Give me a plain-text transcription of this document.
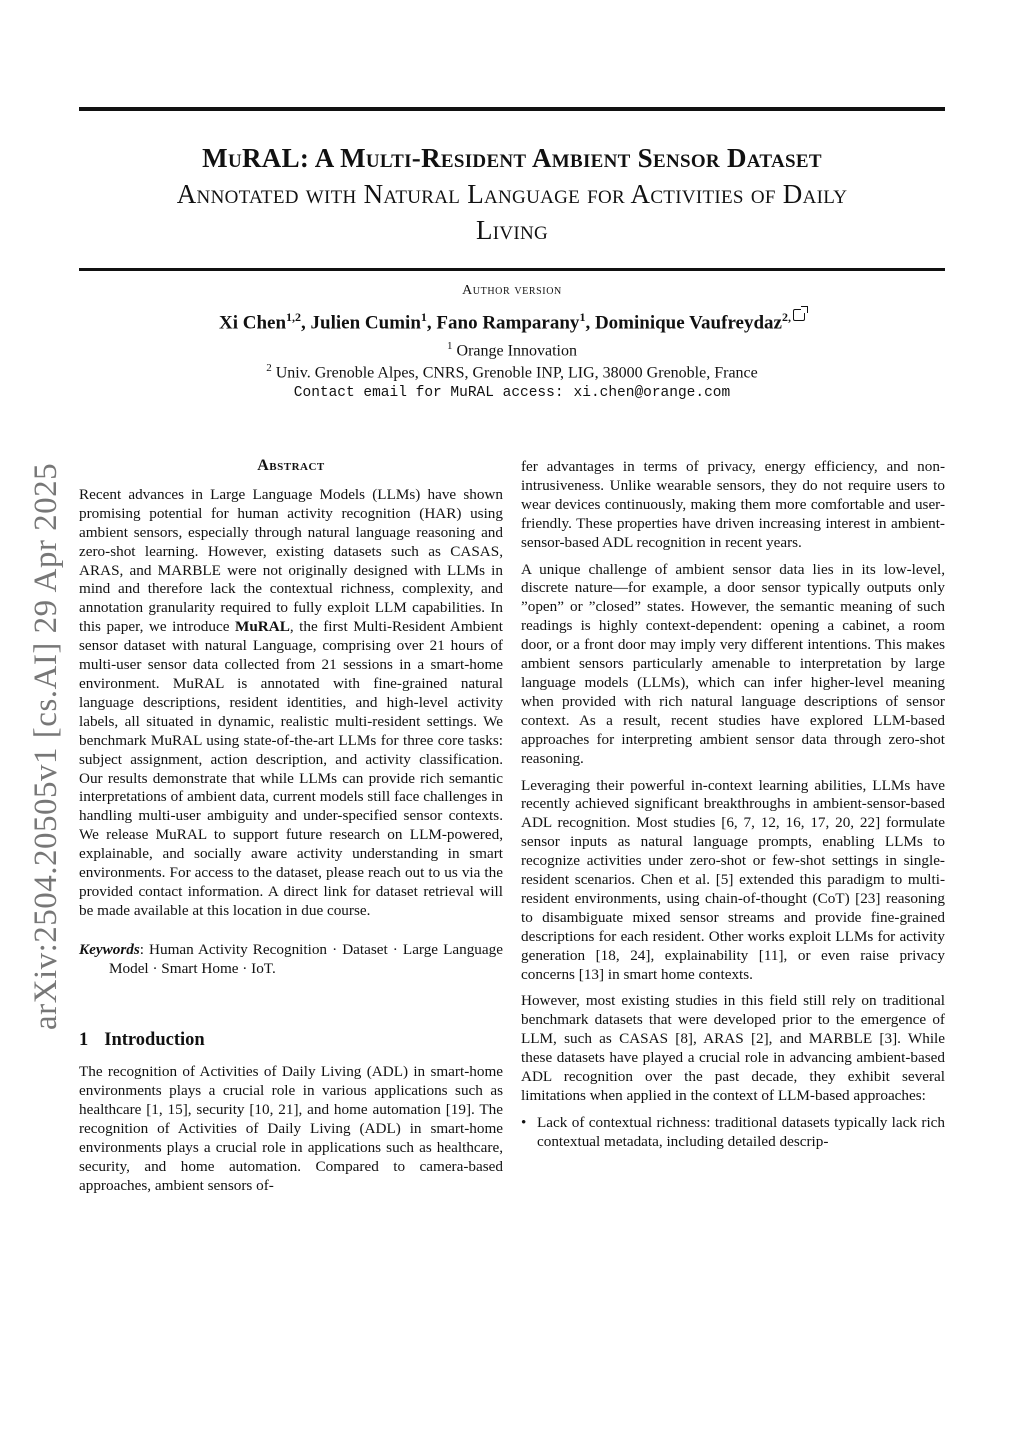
MuRAL: A Multi-Resident Ambient Sensor Dataset
Annotated with Natural Language for Activities of Daily
Living
Author version
Xi Chen$^{1,2}$, Julien Cumin$^1$, Fano Ramparany$^1$, Dominique Vaufreydaz$^{2,}$
$^1$ Orange Innovation
$^2$ Univ. Grenoble Alpes, CNRS, Grenoble INP, LIG, 38000 Grenoble, France
Contact email for MuRAL access: xi.chen@orange.com
arXiv:2504.20505v1 [cs.AI] 29 Apr 2025	Abstract

Recent advances in Large Language Models (LLMs) have shown promising potential for human activity recognition (HAR) using ambient sensors, especially through natural language reasoning and zero-shot learning. However, existing datasets such as CASAS, ARAS, and MARBLE were not originally designed with LLMs in mind and therefore lack the contextual richness, complexity, and annotation granularity required to fully exploit LLM capabilities. In this paper, we introduce MuRAL, the first Multi-Resident Ambient sensor dataset with natural Language, comprising over 21 hours of multi-user sensor data collected from 21 sessions in a smart-home environment. MuRAL is annotated with fine-grained natural language descriptions, resident identities, and high-level activity labels, all situated in dynamic, realistic multi-resident settings. We benchmark MuRAL using state-of-the-art LLMs for three core tasks: subject assignment, action description, and activity classification. Our results demonstrate that while LLMs can provide rich semantic interpretations of ambient data, current models still face challenges in handling multi-user ambiguity and under-specified sensor contexts. We release MuRAL to support future research on LLM-powered, explainable, and socially aware activity understanding in smart environments. For access to the dataset, please reach out to us via the provided contact information. A direct link for dataset retrieval will be made available at this location in due course.

Keywords: Human Activity Recognition · Dataset · Large Language Model · Smart Home · IoT.

1 Introduction

The recognition of Activities of Daily Living (ADL) in smart-home environments plays a crucial role in various applications such as healthcare [1, 15], security [10, 21], and home automation [19]. The recognition of Activities of Daily Living (ADL) in smart-home environments plays a crucial role in applications such as healthcare, security, and home automation. Compared to camera-based approaches, ambient sensors of-

fer advantages in terms of privacy, energy efficiency, and non-intrusiveness. Unlike wearable sensors, they do not require users to wear devices continuously, making them more comfortable and user-friendly. These properties have driven increasing interest in ambient-sensor-based ADL recognition in recent years.

A unique challenge of ambient sensor data lies in its low-level, discrete nature—for example, a door sensor typically outputs only ”open” or ”closed” states. However, the semantic meaning of such readings is highly context-dependent: opening a cabinet, a room door, or a front door may imply very different intentions. This makes ambient sensors particularly amenable to interpretation by large language models (LLMs), which can infer higher-level meaning when provided with rich natural language descriptions of sensor context. As a result, recent studies have explored LLM-based approaches for interpreting ambient sensor data through zero-shot reasoning.

Leveraging their powerful in-context learning abilities, LLMs have recently achieved significant breakthroughs in ambient-sensor-based ADL recognition. Most studies [6, 7, 12, 16, 17, 20, 22] formulate sensor inputs as natural language prompts, enabling LLMs to recognize activities under zero-shot or few-shot settings in single-resident scenarios. Chen et al. [5] extended this paradigm to multi-resident environments, using chain-of-thought (CoT) [23] reasoning to disambiguate mixed sensor streams and provide fine-grained descriptions for each resident. Other works exploit LLMs for activity generation [18, 24], explainability [11], or even raise privacy concerns [13] in smart home contexts.

However, most existing studies in this field still rely on traditional benchmark datasets that were developed prior to the emergence of LLM, such as CASAS [8], ARAS [2], and MARBLE [3]. While these datasets have played a crucial role in advancing ambient-based ADL recognition over the past decade, they exhibit several limitations when applied in the context of LLM-based approaches:

• Lack of contextual richness: traditional datasets typically lack rich contextual metadata, including detailed descrip-
